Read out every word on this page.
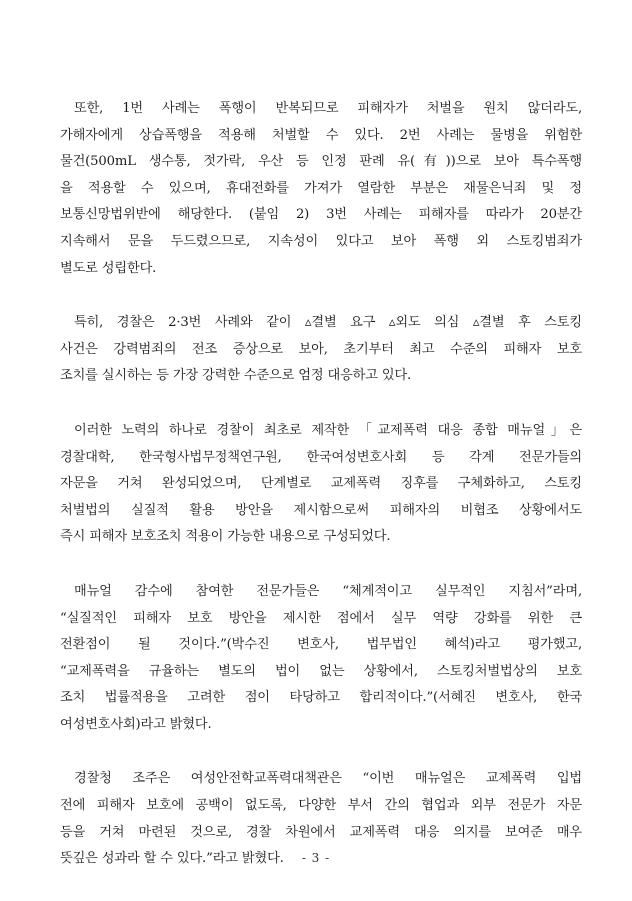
또한, 1번 사례는 폭행이 반복되므로 피해자가 처벌을 원치 않더라도,
가해자에게 상습폭행을 적용해 처벌할 수 있다. 2번 사례는 물병을 위험한
물건(500mL 생수통, 젓가락, 우산 등 인정 판례 유(有))으로 보아 특수폭행
을 적용할 수 있으며, 휴대전화를 가져가 열람한 부분은 재물은닉죄 및 정
보통신망법위반에 해당한다. (붙임 2) 3번 사례는 피해자를 따라가 20분간
지속해서 문을 두드렸으므로, 지속성이 있다고 보아 폭행 외 스토킹범죄가
별도로 성립한다.
특히, 경찰은 2·3번 사례와 같이 ▵결별 요구 ▵외도 의심 ▵결별 후 스토킹
사건은 강력범죄의 전조 증상으로 보아, 초기부터 최고 수준의 피해자 보호
조치를 실시하는 등 가장 강력한 수준으로 엄정 대응하고 있다.
이러한 노력의 하나로 경찰이 최초로 제작한 「교제폭력 대응 종합 매뉴얼」은
경찰대학, 한국형사법무정책연구원, 한국여성변호사회 등 각계 전문가들의
자문을 거쳐 완성되었으며, 단계별로 교제폭력 징후를 구체화하고, 스토킹
처벌법의 실질적 활용 방안을 제시함으로써 피해자의 비협조 상황에서도
즉시 피해자 보호조치 적용이 가능한 내용으로 구성되었다.
매뉴얼 감수에 참여한 전문가들은 “체계적이고 실무적인 지침서”라며,
“실질적인 피해자 보호 방안을 제시한 점에서 실무 역량 강화를 위한 큰
전환점이 될 것이다.”(박수진 변호사, 법무법인 혜석)라고 평가했고,
“교제폭력을 규율하는 별도의 법이 없는 상황에서, 스토킹처벌법상의 보호
조치 법률적용을 고려한 점이 타당하고 합리적이다.”(서혜진 변호사, 한국
여성변호사회)라고 밝혔다.
경찰청 조주은 여성안전학교폭력대책관은 “이번 매뉴얼은 교제폭력 입법
전에 피해자 보호에 공백이 없도록, 다양한 부서 간의 협업과 외부 전문가 자문
등을 거쳐 마련된 것으로, 경찰 차원에서 교제폭력 대응 의지를 보여준 매우
뜻깊은 성과라 할 수 있다.”라고 밝혔다.	- 3 -
